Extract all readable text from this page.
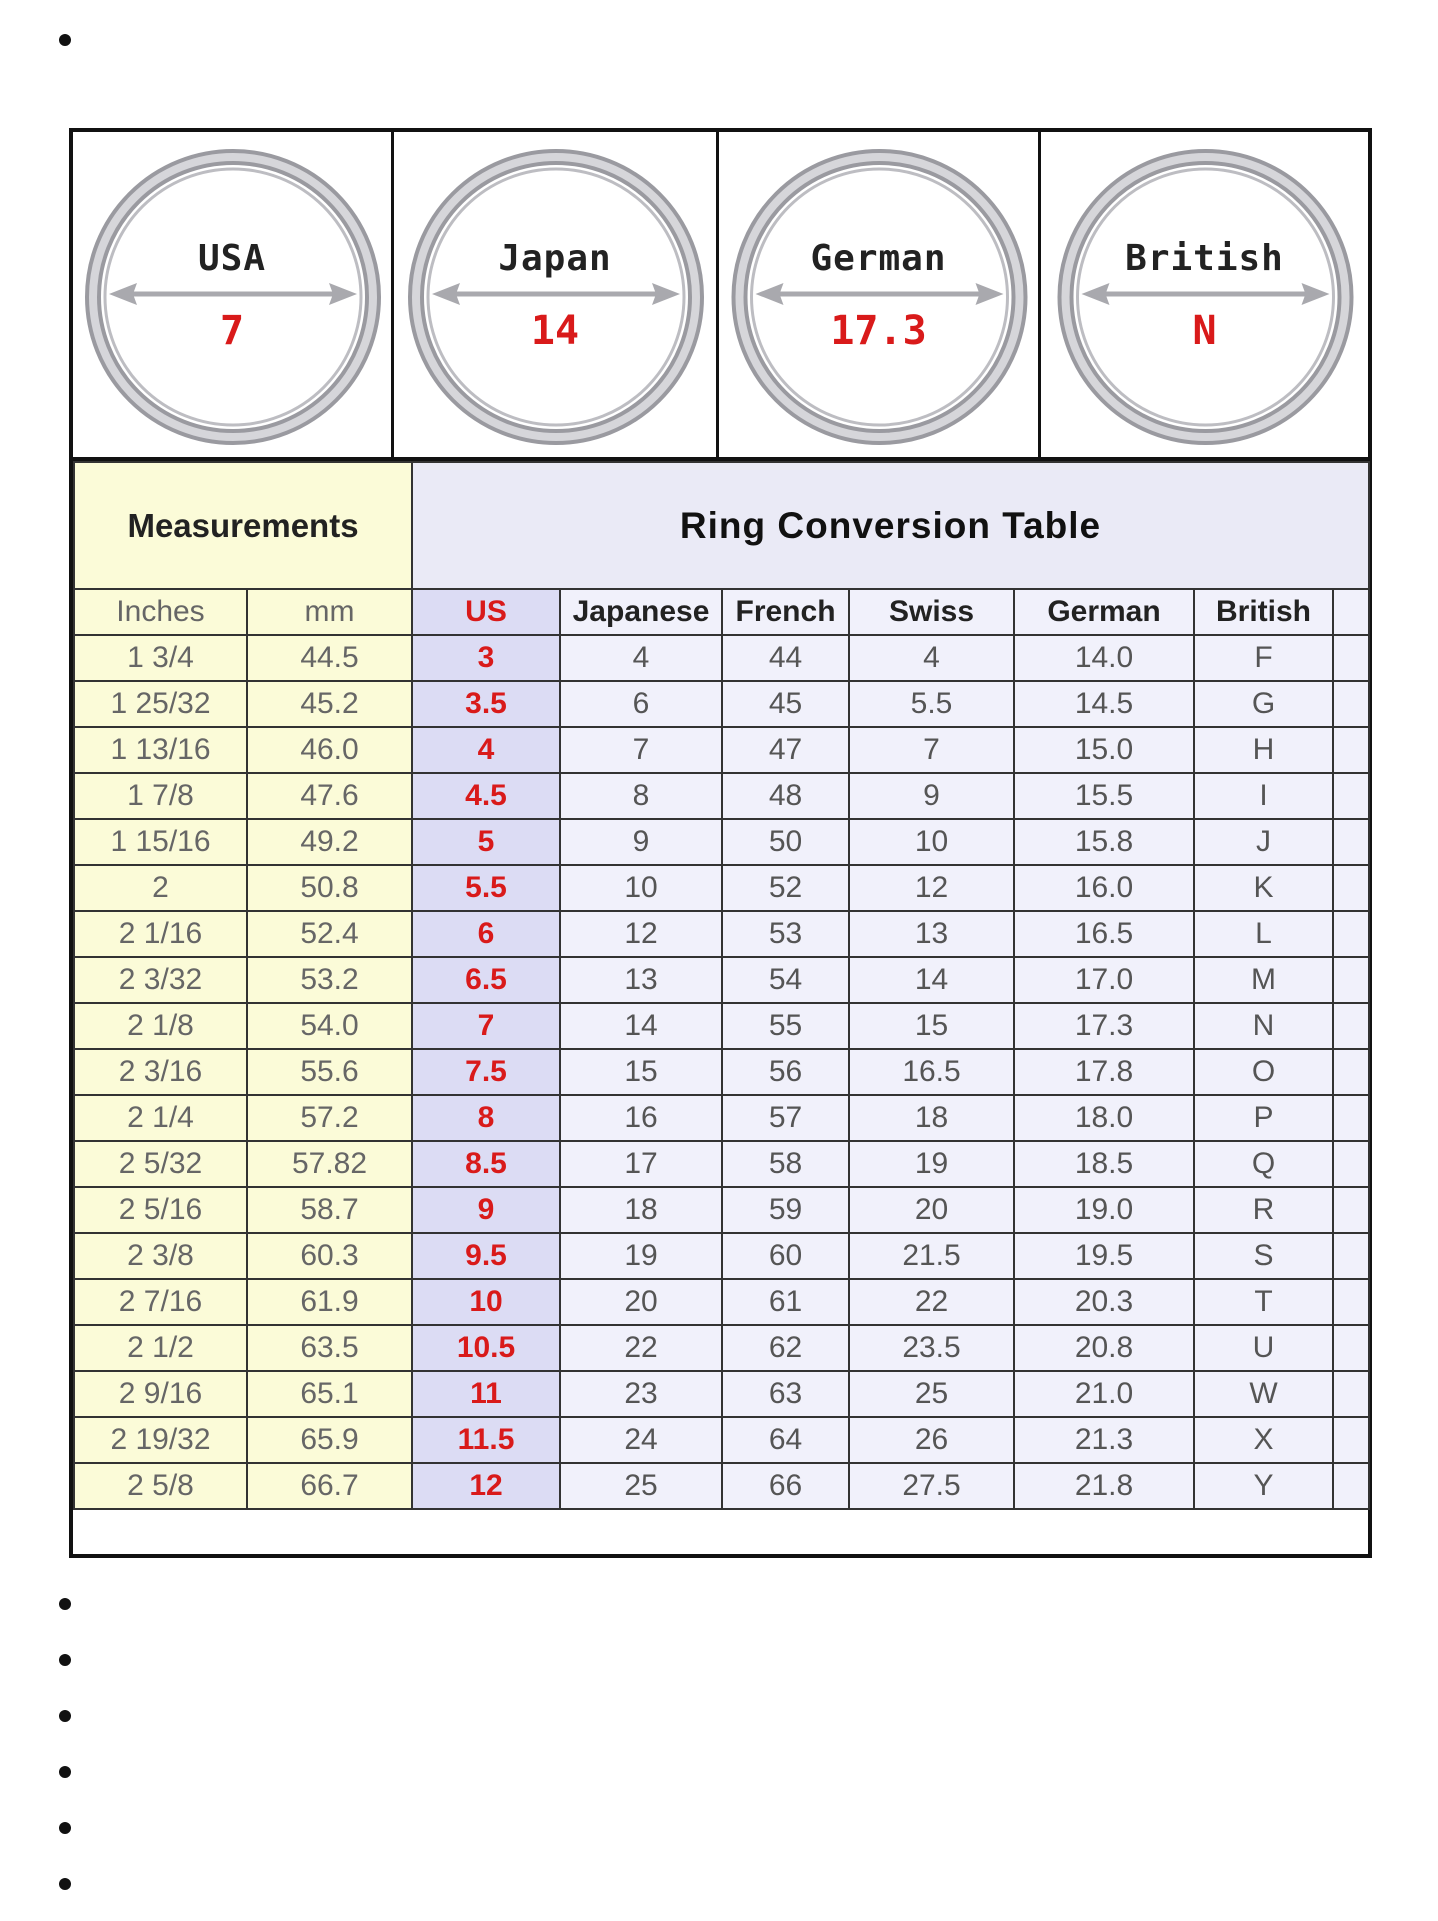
USA
7
Japan
14
German
17.3
British
N
Measurements		Ring Conversion Table						
Inches	mm	US	Japanese	French	Swiss	German	British	
1 3/4	44.5	3	4	44	4	14.0	F	
1 25/32	45.2	3.5	6	45	5.5	14.5	G	
1 13/16	46.0	4	7	47	7	15.0	H	
1 7/8	47.6	4.5	8	48	9	15.5	I	
1 15/16	49.2	5	9	50	10	15.8	J	
2	50.8	5.5	10	52	12	16.0	K	
2 1/16	52.4	6	12	53	13	16.5	L	
2 3/32	53.2	6.5	13	54	14	17.0	M	
2 1/8	54.0	7	14	55	15	17.3	N	
2 3/16	55.6	7.5	15	56	16.5	17.8	O	
2 1/4	57.2	8	16	57	18	18.0	P	
2 5/32	57.82	8.5	17	58	19	18.5	Q	
2 5/16	58.7	9	18	59	20	19.0	R	
2 3/8	60.3	9.5	19	60	21.5	19.5	S	
2 7/16	61.9	10	20	61	22	20.3	T	
2 1/2	63.5	10.5	22	62	23.5	20.8	U	
2 9/16	65.1	11	23	63	25	21.0	W	
2 19/32	65.9	11.5	24	64	26	21.3	X	
2 5/8	66.7	12	25	66	27.5	21.8	Y	
